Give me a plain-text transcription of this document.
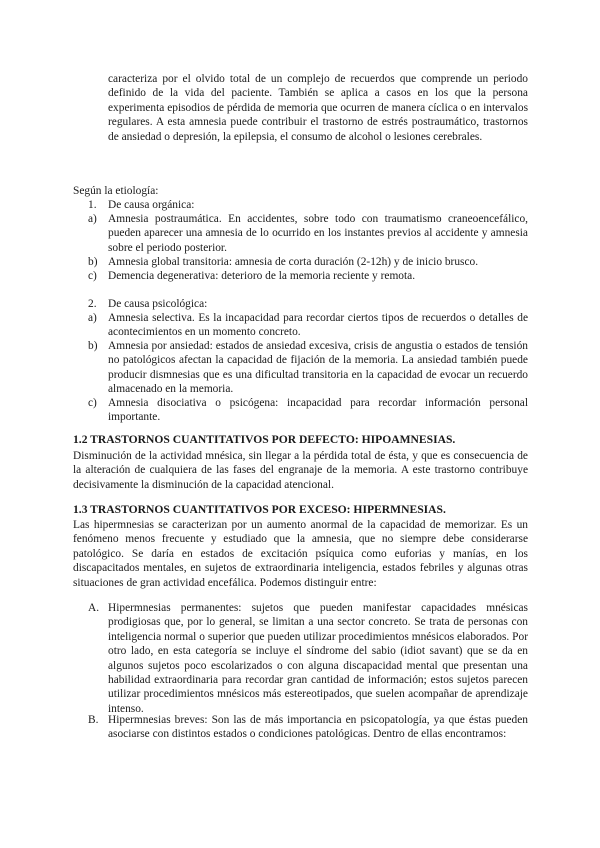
caracteriza por el olvido total de un complejo de recuerdos que comprende un periodo definido de la vida del paciente. También se aplica a casos en los que la persona experimenta episodios de pérdida de memoria que ocurren de manera cíclica o en intervalos regulares. A esta amnesia puede contribuir el trastorno de estrés postraumático, trastornos de ansiedad o depresión, la epilepsia, el consumo de alcohol o lesiones cerebrales.

Según la etiología:

1. De causa orgánica:
a) Amnesia postraumática. En accidentes, sobre todo con traumatismo craneoencefálico, pueden aparecer una amnesia de lo ocurrido en los instantes previos al accidente y amnesia sobre el periodo posterior.
b) Amnesia global transitoria: amnesia de corta duración (2-12h) y de inicio brusco.
c) Demencia degenerativa: deterioro de la memoria reciente y remota.
2. De causa psicológica:
a) Amnesia selectiva. Es la incapacidad para recordar ciertos tipos de recuerdos o detalles de acontecimientos en un momento concreto.
b) Amnesia por ansiedad: estados de ansiedad excesiva, crisis de angustia o estados de tensión no patológicos afectan la capacidad de fijación de la memoria. La ansiedad también puede producir dismnesias que es una dificultad transitoria en la capacidad de evocar un recuerdo almacenado en la memoria.
c) Amnesia disociativa o psicógena: incapacidad para recordar información personal importante.

1.2 TRASTORNOS CUANTITATIVOS POR DEFECTO: HIPOAMNESIAS.

Disminución de la actividad mnésica, sin llegar a la pérdida total de ésta, y que es consecuencia de la alteración de cualquiera de las fases del engranaje de la memoria. A este trastorno contribuye decisivamente la disminución de la capacidad atencional.

1.3 TRASTORNOS CUANTITATIVOS POR EXCESO: HIPERMNESIAS.

Las hipermnesias se caracterizan por un aumento anormal de la capacidad de memorizar. Es un fenómeno menos frecuente y estudiado que la amnesia, que no siempre debe considerarse patológico. Se daría en estados de excitación psíquica como euforias y manías, en los discapacitados mentales, en sujetos de extraordinaria inteligencia, estados febriles y algunas otras situaciones de gran actividad encefálica. Podemos distinguir entre:

A. Hipermnesias permanentes: sujetos que pueden manifestar capacidades mnésicas prodigiosas que, por lo general, se limitan a una sector concreto. Se trata de personas con inteligencia normal o superior que pueden utilizar procedimientos mnésicos elaborados. Por otro lado, en esta categoría se incluye el síndrome del sabio (idiot savant) que se da en algunos sujetos poco escolarizados o con alguna discapacidad mental que presentan una habilidad extraordinaria para recordar gran cantidad de información; estos sujetos parecen utilizar procedimientos mnésicos más estereotipados, que suelen acompañar de aprendizaje intenso.
B. Hipermnesias breves: Son las de más importancia en psicopatología, ya que éstas pueden asociarse con distintos estados o condiciones patológicas. Dentro de ellas encontramos:
